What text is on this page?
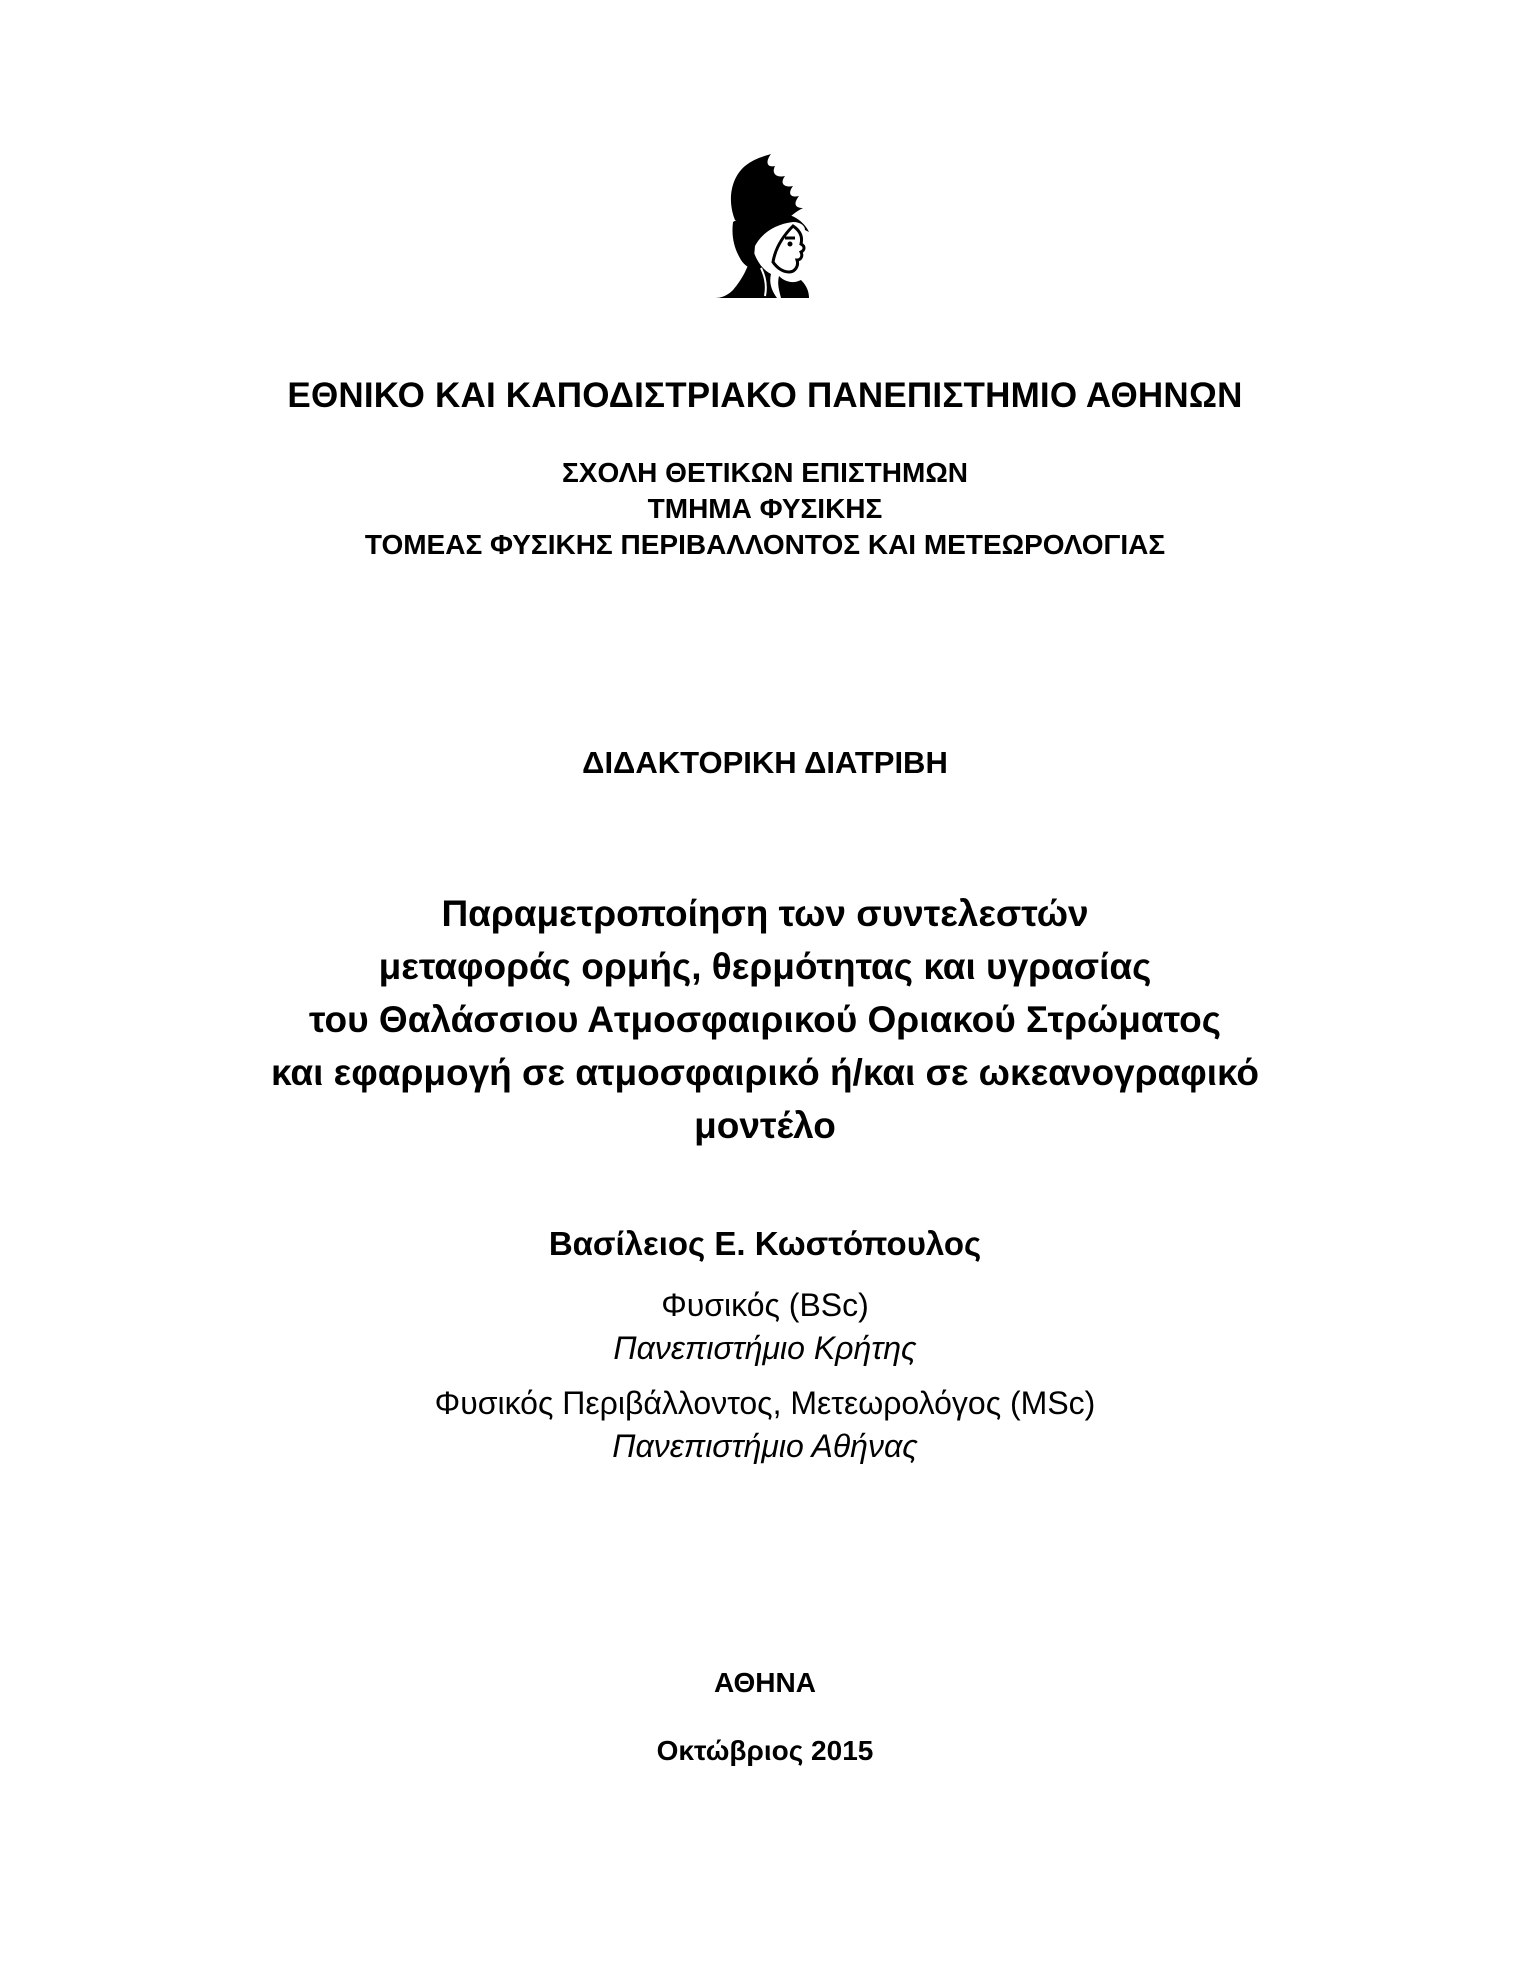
ΕΘΝΙΚΟ ΚΑΙ ΚΑΠΟΔΙΣΤΡΙΑΚΟ ΠΑΝΕΠΙΣΤΗΜΙΟ ΑΘΗΝΩΝ
ΣΧΟΛΗ ΘΕΤΙΚΩΝ ΕΠΙΣΤΗΜΩΝ
ΤΜΗΜΑ ΦΥΣΙΚΗΣ
ΤΟΜΕΑΣ ΦΥΣΙΚΗΣ ΠΕΡΙΒΑΛΛΟΝΤΟΣ ΚΑΙ ΜΕΤΕΩΡΟΛΟΓΙΑΣ
ΔΙΔΑΚΤΟΡΙΚΗ ΔΙΑΤΡΙΒΗ
Παραμετροποίηση των συντελεστών
μεταφοράς ορμής, θερμότητας και υγρασίας
του Θαλάσσιου Ατμοσφαιρικού Οριακού Στρώματος
και εφαρμογή σε ατμοσφαιρικό ή/και σε ωκεανογραφικό
μοντέλο
Βασίλειος Ε. Κωστόπουλος
Φυσικός (BSc)
Πανεπιστήμιο Κρήτης
Φυσικός Περιβάλλοντος, Μετεωρολόγος (MSc)
Πανεπιστήμιο Αθήνας
ΑΘΗΝΑ
Οκτώβριος 2015
